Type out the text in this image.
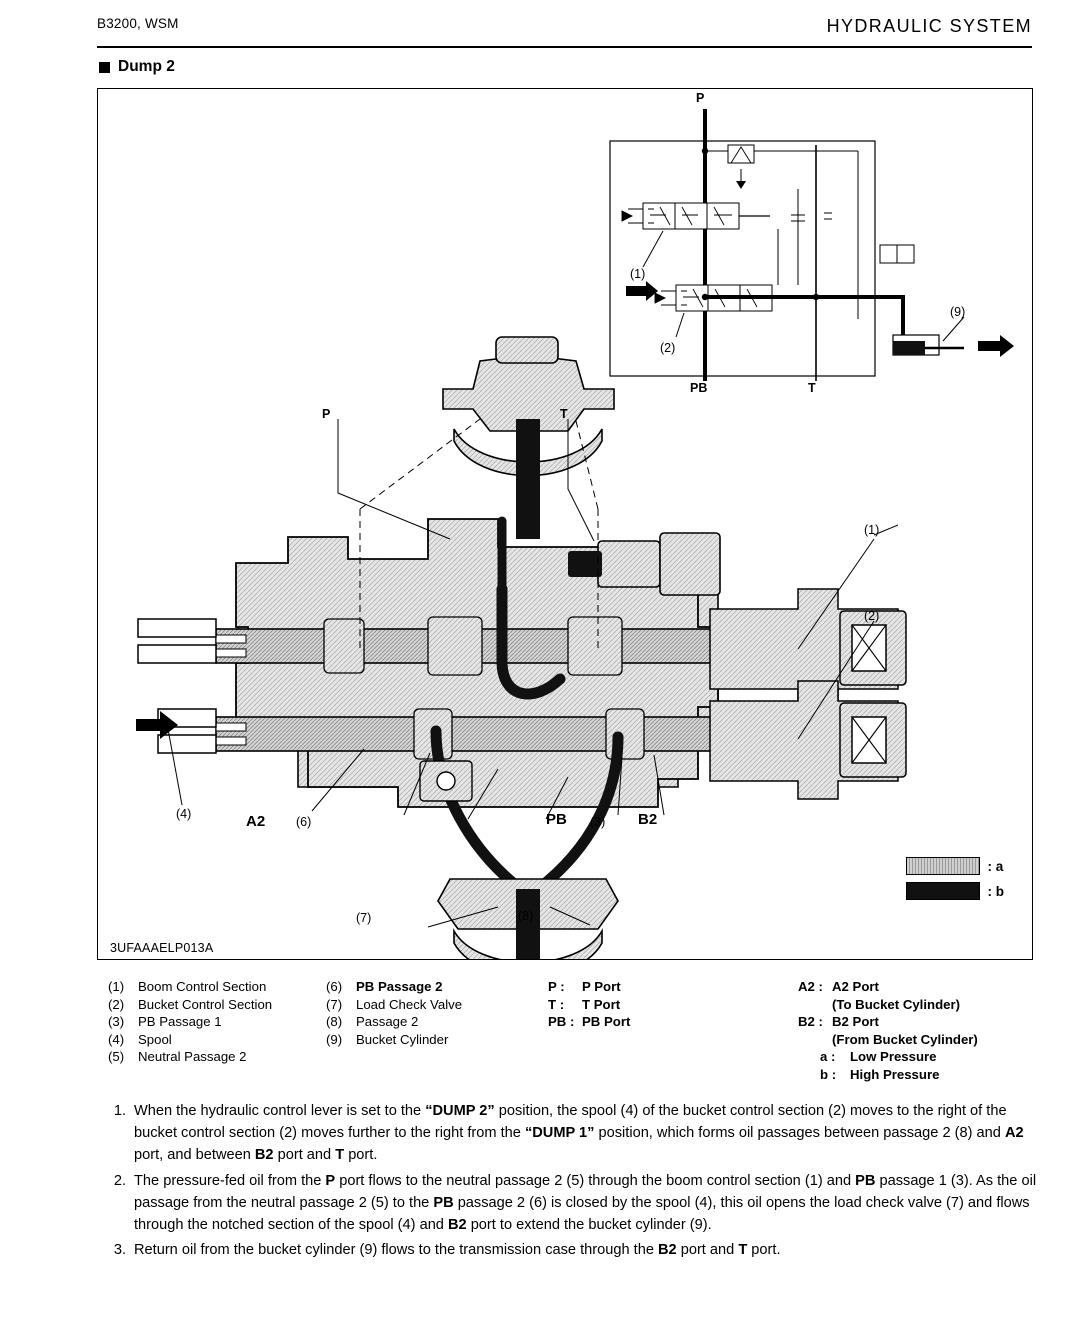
B3200, WSM	HYDRAULIC SYSTEM
Dump 2
P
PB	T
(1)
(2)
(9)
P	T
(1)
(2)
(4)	A2 (6)	PB (3) B2
(7)	(8)
: a
: b
3UFAAAELP013A
(1) Boom Control Section
(2) Bucket Control Section
(3) PB Passage 1
(4) Spool
(5) Neutral Passage 2
(6) PB Passage 2
(7) Load Check Valve
(8) Passage 2
(9) Bucket Cylinder
P : P Port
T : T Port
PB : PB Port
A2 : A2 Port
(To Bucket Cylinder)
B2 : B2 Port
(From Bucket Cylinder)
a : Low Pressure
b : High Pressure
1. When the hydraulic control lever is set to the “DUMP 2” position, the spool (4) of the bucket control section (2) moves to the right of the bucket control section (2) moves further to the right from the “DUMP 1” position, which forms oil passages between passage 2 (8) and A2 port, and between B2 port and T port.
2. The pressure-fed oil from the P port flows to the neutral passage 2 (5) through the boom control section (1) and PB passage 1 (3). As the oil passage from the neutral passage 2 (5) to the PB passage 2 (6) is closed by the spool (4), this oil opens the load check valve (7) and flows through the notched section of the spool (4) and B2 port to extend the bucket cylinder (9).
3. Return oil from the bucket cylinder (9) flows to the transmission case through the B2 port and T port.
